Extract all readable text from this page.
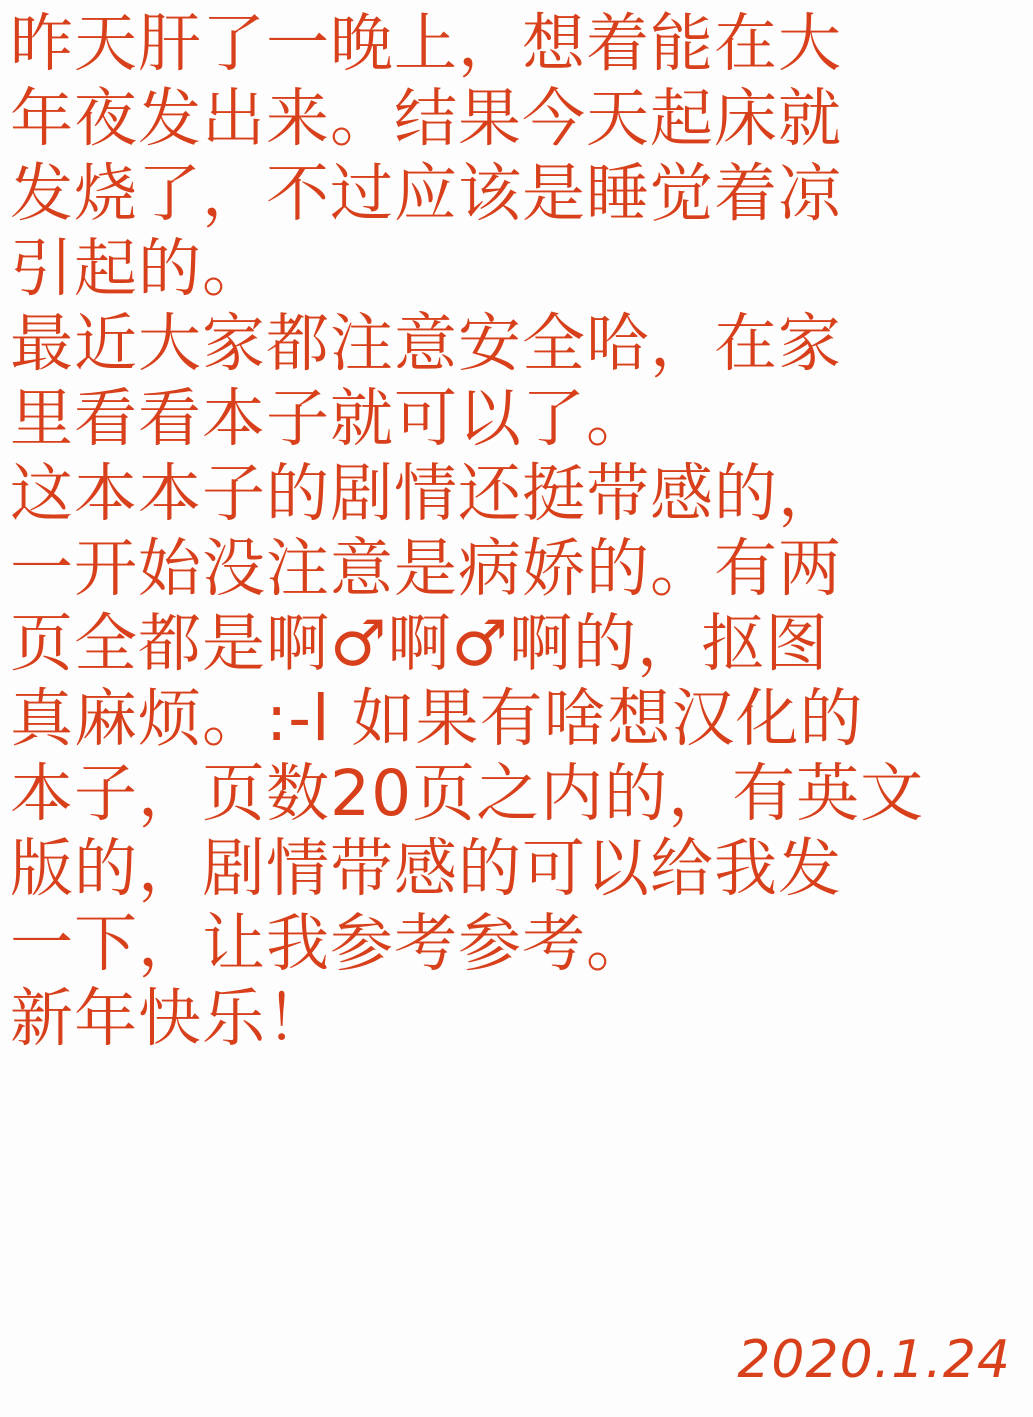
昨天肝了一晚上，想着能在大
年夜发出来。结果今天起床就
发烧了，不过应该是睡觉着凉
引起的。
最近大家都注意安全哈，在家
里看看本子就可以了。
这本本子的剧情还挺带感的，
一开始没注意是病娇的。有两
页全都是啊♂啊♂啊的，抠图
真麻烦。:-l 如果有啥想汉化的
本子，页数20页之内的，有英文
版的，剧情带感的可以给我发
一下，让我参考参考。
新年快乐！
2020.1.24
